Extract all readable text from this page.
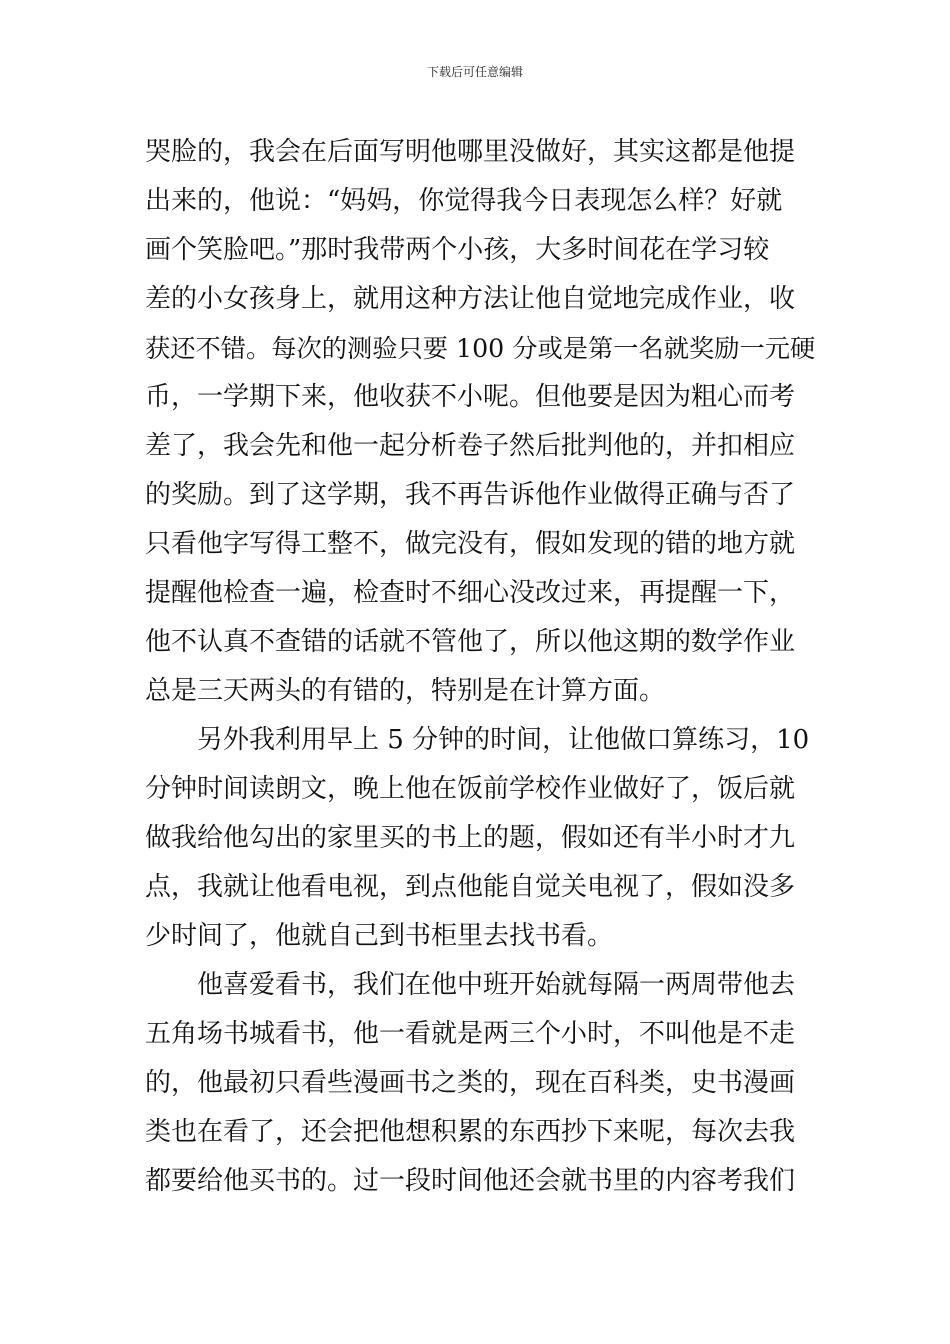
下载后可任意编辑
哭脸的，我会在后面写明他哪里没做好，其实这都是他提
出来的，他说：“妈妈，你觉得我今日表现怎么样？好就
画个笑脸吧。”那时我带两个小孩，大多时间花在学习较
差的小女孩身上，就用这种方法让他自觉地完成作业，收
获还不错。每次的测验只要 100 分或是第一名就奖励一元硬
币，一学期下来，他收获不小呢。但他要是因为粗心而考
差了，我会先和他一起分析卷子然后批判他的，并扣相应
的奖励。到了这学期，我不再告诉他作业做得正确与否了
只看他字写得工整不，做完没有，假如发现的错的地方就
提醒他检查一遍，检查时不细心没改过来，再提醒一下，
他不认真不查错的话就不管他了，所以他这期的数学作业
总是三天两头的有错的，特别是在计算方面。
另外我利用早上 5 分钟的时间，让他做口算练习，10
分钟时间读朗文，晚上他在饭前学校作业做好了，饭后就
做我给他勾出的家里买的书上的题，假如还有半小时才九
点，我就让他看电视，到点他能自觉关电视了，假如没多
少时间了，他就自己到书柜里去找书看。
他喜爱看书，我们在他中班开始就每隔一两周带他去
五角场书城看书，他一看就是两三个小时，不叫他是不走
的，他最初只看些漫画书之类的，现在百科类，史书漫画
类也在看了，还会把他想积累的东西抄下来呢，每次去我
都要给他买书的。过一段时间他还会就书里的内容考我们
